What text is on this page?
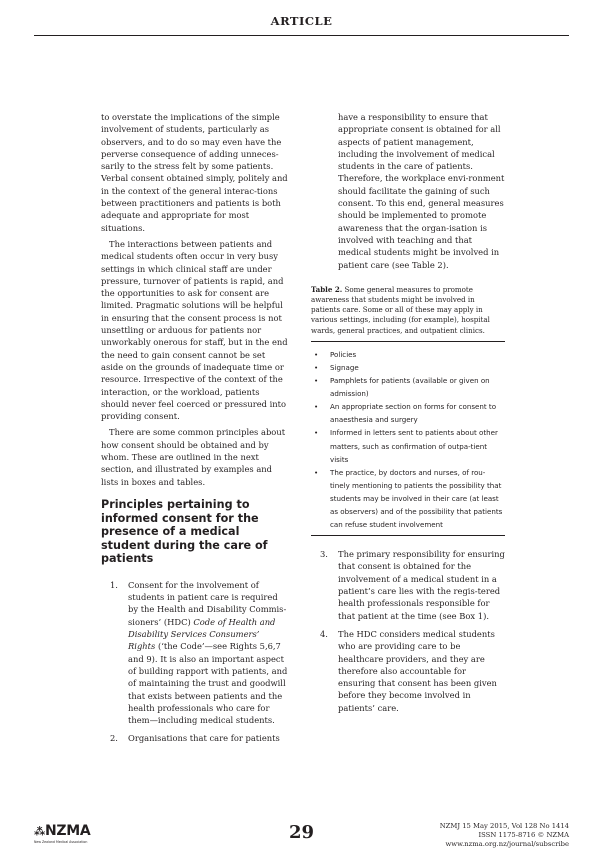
ARTICLE

to overstate the implications of the simple involvement of students, particularly as observers, and to do so may even have the perverse consequence of adding unneces-sarily to the stress felt by some patients. Verbal consent obtained simply, politely and in the context of the general interac-tions between practitioners and patients is both adequate and appropriate for most situations.

The interactions between patients and medical students often occur in very busy settings in which clinical staff are under pressure, turnover of patients is rapid, and the opportunities to ask for consent are limited. Pragmatic solutions will be helpful in ensuring that the consent process is not unsettling or arduous for patients nor unworkably onerous for staff, but in the end the need to gain consent cannot be set aside on the grounds of inadequate time or resource. Irrespective of the context of the interaction, or the workload, patients should never feel coerced or pressured into providing consent.

There are some common principles about how consent should be obtained and by whom. These are outlined in the next section, and illustrated by examples and lists in boxes and tables.

Principles pertaining to informed consent for the presence of a medical student during the care of patients
1. Consent for the involvement of students in patient care is required by the Health and Disability Commis-sioners’ (HDC) Code of Health and Disability Services Consumers’ Rights (‘the Code’—see Rights 5,6,7 and 9). It is also an important aspect of building rapport with patients, and of maintaining the trust and goodwill that exists between patients and the health professionals who care for them—including medical students.
2. Organisations that care for patients

have a responsibility to ensure that appropriate consent is obtained for all aspects of patient management, including the involvement of medical students in the care of patients. Therefore, the workplace envi-ronment should facilitate the gaining of such consent. To this end, general measures should be implemented to promote awareness that the organ-isation is involved with teaching and that medical students might be involved in patient care (see Table 2).

Table 2. Some general measures to promote awareness that students might be involved in patients care. Some or all of these may apply in various settings, including (for example), hospital wards, general practices, and outpatient clinics.
• Policies
• Signage
• Pamphlets for patients (available or given on admission)
• An appropriate section on forms for consent to anaesthesia and surgery
• Informed in letters sent to patients about other matters, such as confirmation of outpa-tient visits
• The practice, by doctors and nurses, of rou-tinely mentioning to patients the possibility that students may be involved in their care (at least as observers) and of the possibility that patients can refuse student involvement
3. The primary responsibility for ensuring that consent is obtained for the involvement of a medical student in a patient’s care lies with the regis-tered health professionals responsible for that patient at the time (see Box 1).
4. The HDC considers medical students who are providing care to be healthcare providers, and they are therefore also accountable for ensuring that consent has been given before they become involved in patients’ care.
⁂NZMA
New Zealand Medical Association	29	NZMJ 15 May 2015, Vol 128 No 1414
ISSN 1175-8716 © NZMA
www.nzma.org.nz/journal/subscribe
